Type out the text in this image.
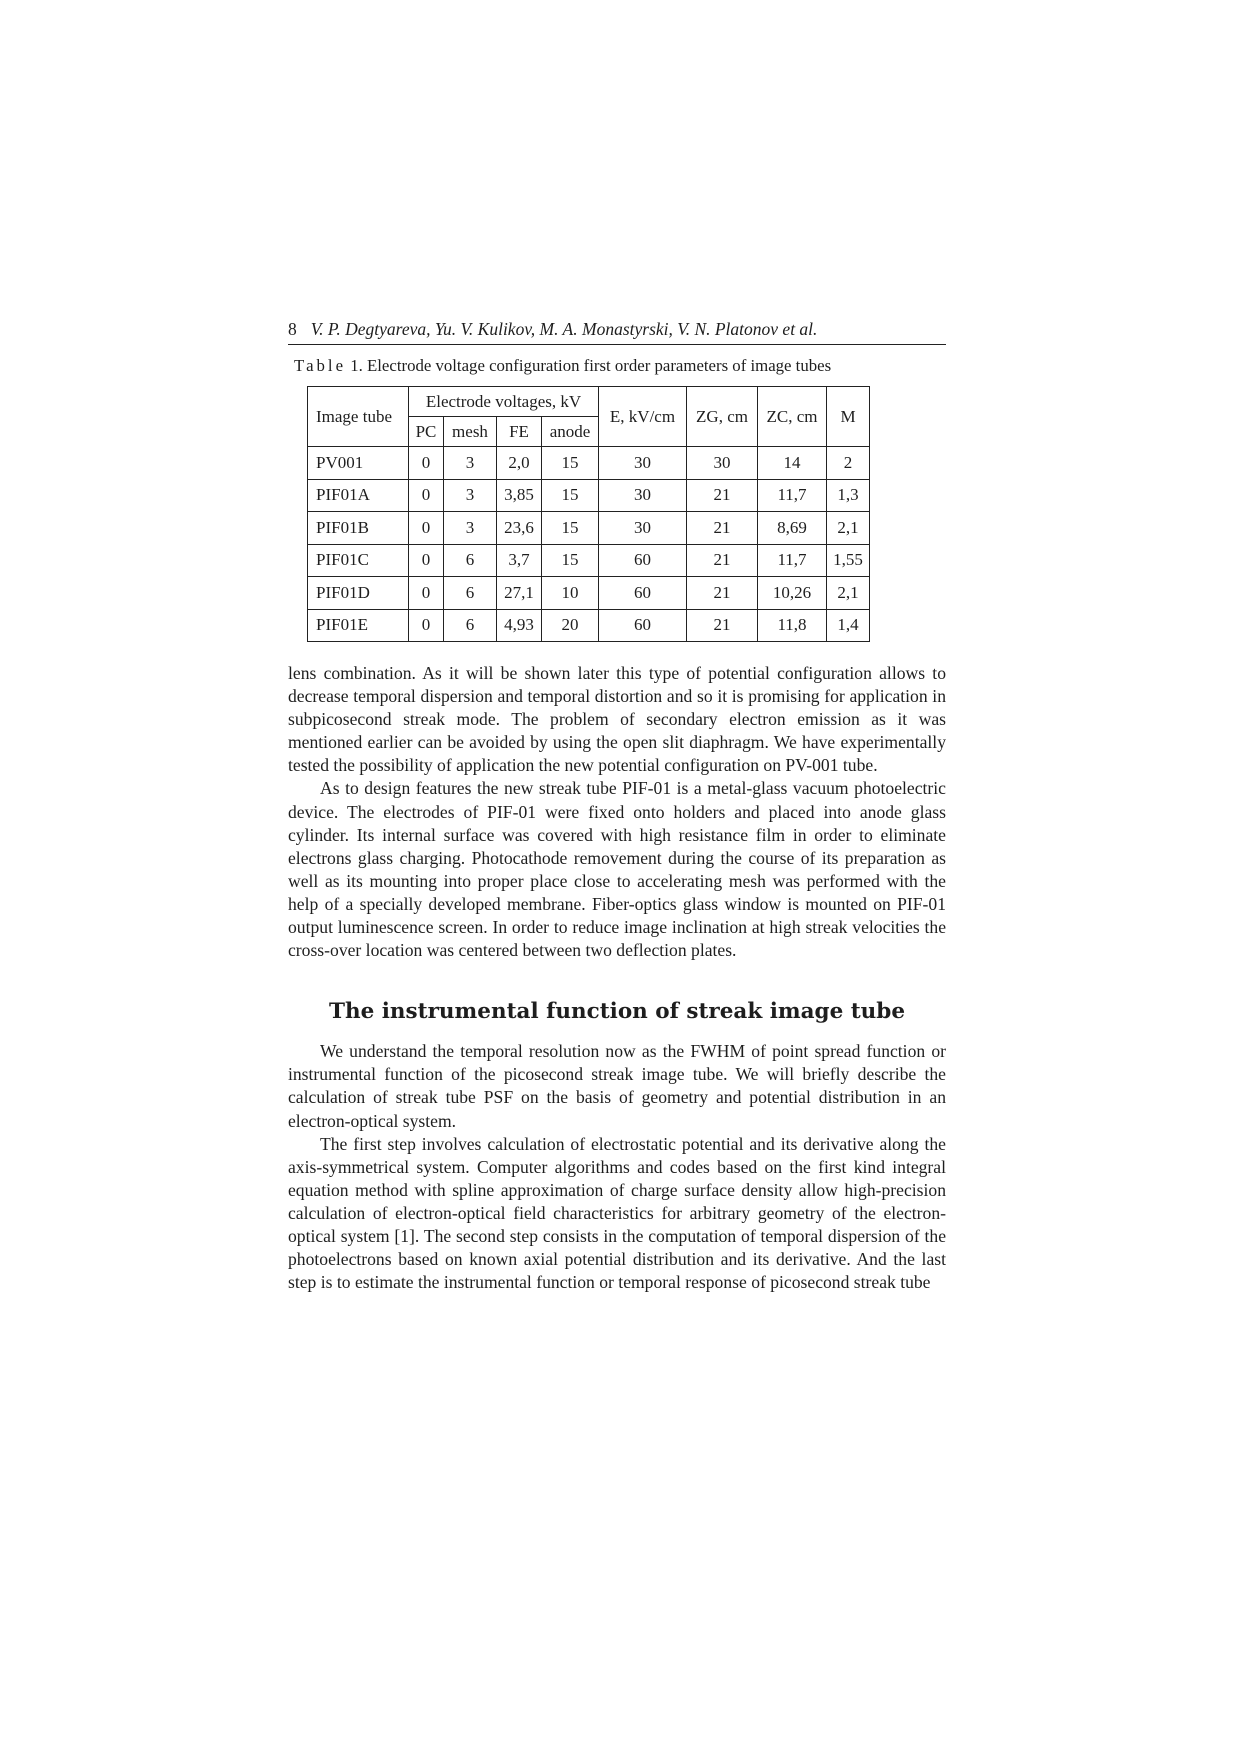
8 V. P. Degtyareva, Yu. V. Kulikov, M. A. Monastyrski, V. N. Platonov et al.
Table 1. Electrode voltage configuration first order parameters of image tubes
Image tube	Electrode voltages, kV				E, kV/cm	ZG, cm	ZC, cm	M
	PC	mesh	FE	anode				
PV001	0	3	2,0	15	30	30	14	2
PIF01A	0	3	3,85	15	30	21	11,7	1,3
PIF01B	0	3	23,6	15	30	21	8,69	2,1
PIF01C	0	6	3,7	15	60	21	11,7	1,55
PIF01D	0	6	27,1	10	60	21	10,26	2,1
PIF01E	0	6	4,93	20	60	21	11,8	1,4

lens combination. As it will be shown later this type of potential configuration allows to decrease temporal dispersion and temporal distortion and so it is promising for application in subpicosecond streak mode. The problem of secondary electron emission as it was mentioned earlier can be avoided by using the open slit diaphragm. We have experimentally tested the possibility of application the new potential configuration on PV-001 tube.

As to design features the new streak tube PIF-01 is a metal-glass vacuum photoelectric device. The electrodes of PIF-01 were fixed onto holders and placed into anode glass cylinder. Its internal surface was covered with high resistance film in order to eliminate electrons glass charging. Photocathode removement during the course of its preparation as well as its mounting into proper place close to accelerating mesh was performed with the help of a specially developed membrane. Fiber-optics glass window is mounted on PIF-01 output luminescence screen. In order to reduce image inclination at high streak velocities the cross-over location was centered between two deflection plates.

The instrumental function of streak image tube

We understand the temporal resolution now as the FWHM of point spread function or instrumental function of the picosecond streak image tube. We will briefly describe the calculation of streak tube PSF on the basis of geometry and potential distribution in an electron-optical system.

The first step involves calculation of electrostatic potential and its derivative along the axis-symmetrical system. Computer algorithms and codes based on the first kind integral equation method with spline approximation of charge surface density allow high-precision calculation of electron-optical field characteristics for arbitrary geometry of the electron-optical system [1]. The second step consists in the computation of temporal dispersion of the photoelectrons based on known axial potential distribution and its derivative. And the last step is to estimate the instrumental function or temporal response of picosecond streak tube
